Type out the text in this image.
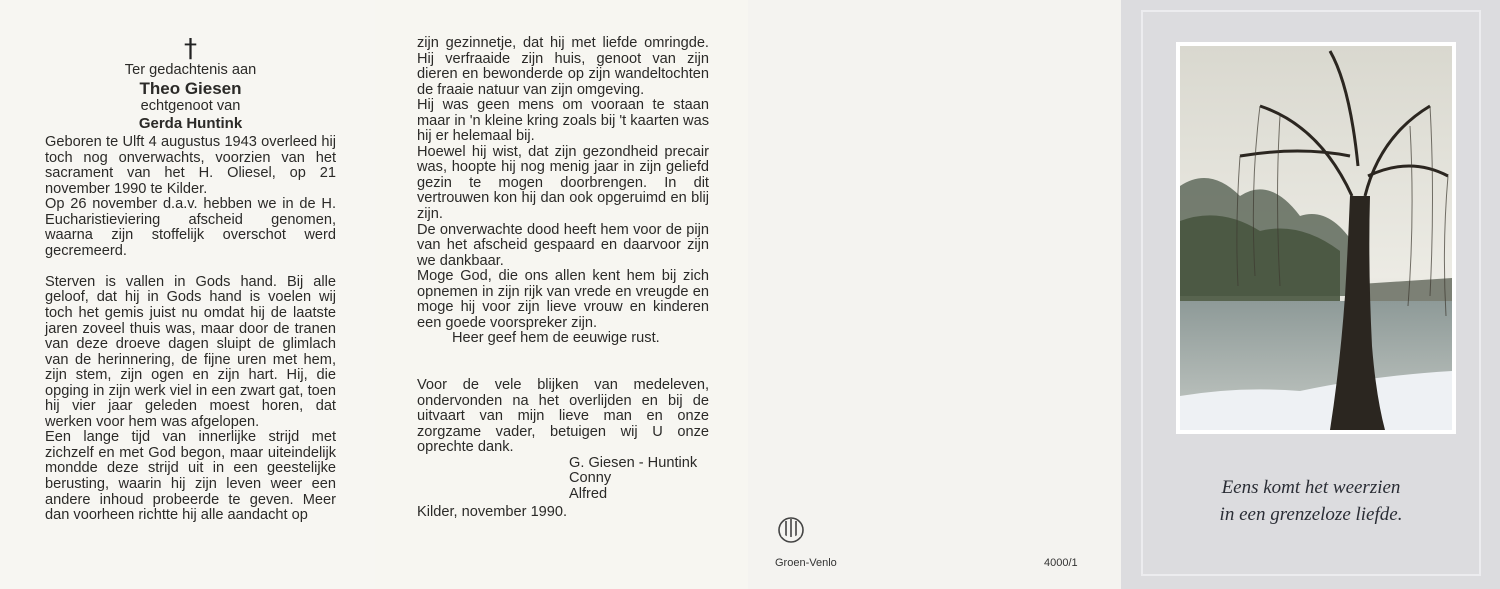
†
Ter gedachtenis aan
Theo Giesen
echtgenoot van
Gerda Huntink

Geboren te Ulft 4 augustus 1943 overleed hij toch nog onverwachts, voorzien van het sacrament van het H. Oliesel, op 21 november 1990 te Kilder.

Op 26 november d.a.v. hebben we in de H. Eucharistieviering afscheid genomen, waarna zijn stoffelijk overschot werd gecremeerd.

Sterven is vallen in Gods hand. Bij alle geloof, dat hij in Gods hand is voelen wij toch het gemis juist nu omdat hij de laatste jaren zoveel thuis was, maar door de tranen van deze droeve dagen sluipt de glimlach van de herinnering, de fijne uren met hem, zijn stem, zijn ogen en zijn hart. Hij, die opging in zijn werk viel in een zwart gat, toen hij vier jaar geleden moest horen, dat werken voor hem was afgelopen.

Een lange tijd van innerlijke strijd met zichzelf en met God begon, maar uiteindelijk mondde deze strijd uit in een geestelijke berusting, waarin hij zijn leven weer een andere inhoud probeerde te geven. Meer dan voorheen richtte hij alle aandacht op

zijn gezinnetje, dat hij met liefde omringde. Hij verfraaide zijn huis, genoot van zijn dieren en bewonderde op zijn wandeltochten de fraaie natuur van zijn omgeving.

Hij was geen mens om vooraan te staan maar in 'n kleine kring zoals bij 't kaarten was hij er helemaal bij.

Hoewel hij wist, dat zijn gezondheid precair was, hoopte hij nog menig jaar in zijn geliefd gezin te mogen doorbrengen. In dit vertrouwen kon hij dan ook opgeruimd en blij zijn.

De onverwachte dood heeft hem voor de pijn van het afscheid gespaard en daarvoor zijn we dankbaar.

Moge God, die ons allen kent hem bij zich opnemen in zijn rijk van vrede en vreugde en moge hij voor zijn lieve vrouw en kinderen een goede voorspreker zijn.

Heer geef hem de eeuwige rust.

Voor de vele blijken van medeleven, ondervonden na het overlijden en bij de uitvaart van mijn lieve man en onze zorgzame vader, betuigen wij U onze oprechte dank.

G. Giesen - Huntink

Conny

Alfred

Kilder, november 1990.

Groen-Venlo	4000/1
Eens komt het weerzien
in een grenzeloze liefde.
